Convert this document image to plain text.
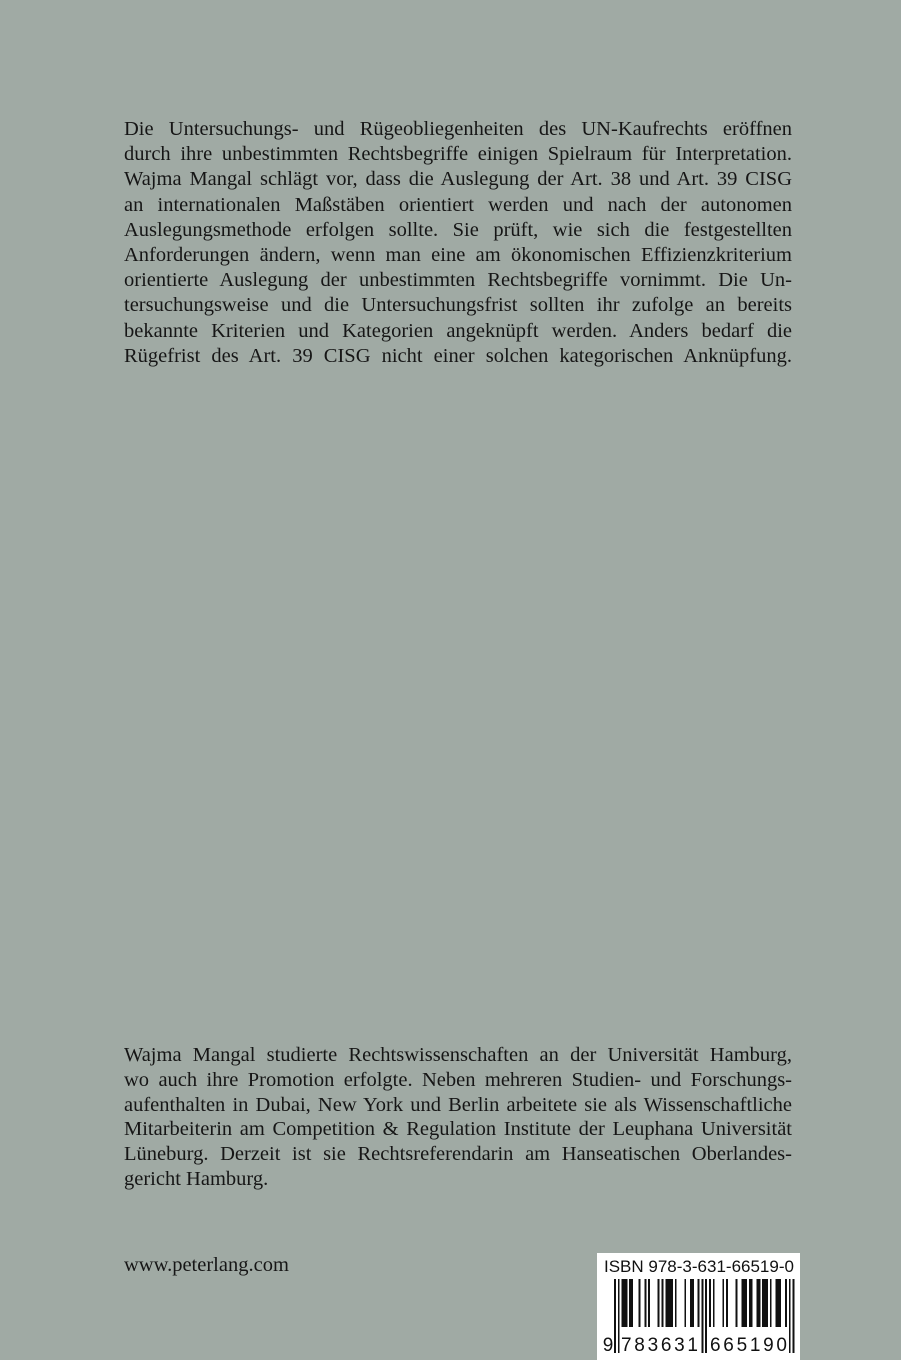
Die Untersuchungs- und Rügeobliegenheiten des UN-Kaufrechts eröffnen
durch ihre unbestimmten Rechtsbegriffe einigen Spielraum für Interpretation.
Wajma Mangal schlägt vor, dass die Auslegung der Art. 38 und Art. 39 CISG
an internationalen Maßstäben orientiert werden und nach der autonomen
Auslegungsmethode erfolgen sollte. Sie prüft, wie sich die festgestellten
Anforderungen ändern, wenn man eine am ökonomischen Effizienzkriterium
orientierte Auslegung der unbestimmten Rechtsbegriffe vornimmt. Die Un-
tersuchungsweise und die Untersuchungsfrist sollten ihr zufolge an bereits
bekannte Kriterien und Kategorien angeknüpft werden. Anders bedarf die
Rügefrist des Art. 39 CISG nicht einer solchen kategorischen Anknüpfung.
Wajma Mangal studierte Rechtswissenschaften an der Universität Hamburg,
wo auch ihre Promotion erfolgte. Neben mehreren Studien- und Forschungs-
aufenthalten in Dubai, New York und Berlin arbeitete sie als Wissenschaftliche
Mitarbeiterin am Competition & Regulation Institute der Leuphana Universität
Lüneburg. Derzeit ist sie Rechtsreferendarin am Hanseatischen Oberlandes-
gericht Hamburg.
www.peterlang.com	ISBN 978-3-631-66519-0
9 783631 665190
